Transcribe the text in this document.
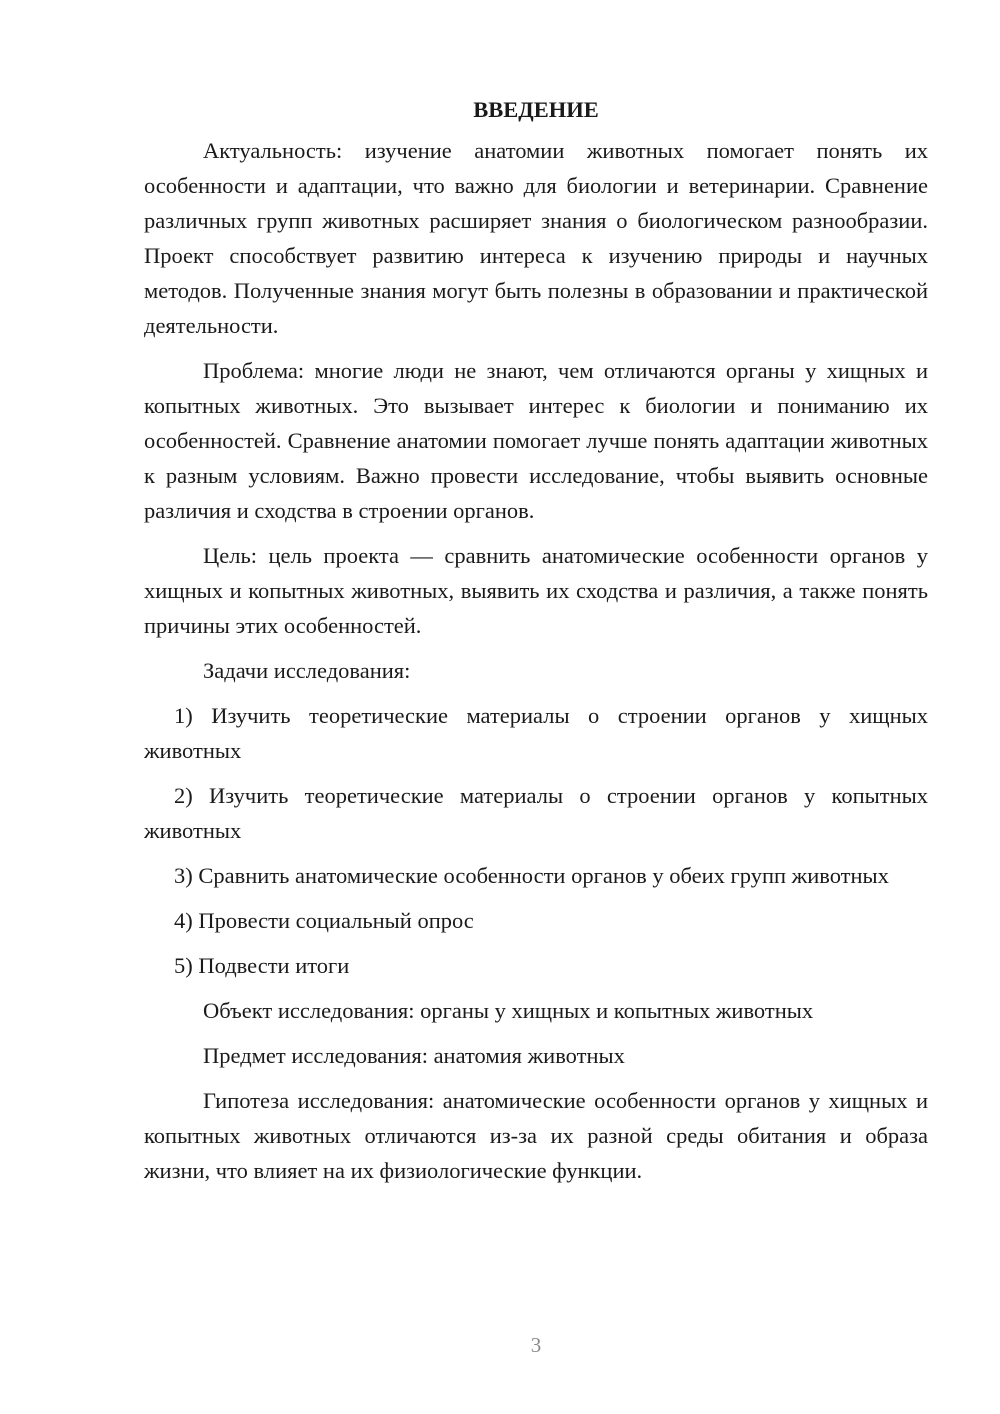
ВВЕДЕНИЕ

Актуальность: изучение анатомии животных помогает понять их особенности и адаптации, что важно для биологии и ветеринарии. Сравнение различных групп животных расширяет знания о биологическом разнообразии. Проект способствует развитию интереса к изучению природы и научных методов. Полученные знания могут быть полезны в образовании и практической деятельности.

Проблема: многие люди не знают, чем отличаются органы у хищных и копытных животных. Это вызывает интерес к биологии и пониманию их особенностей. Сравнение анатомии помогает лучше понять адаптации животных к разным условиям. Важно провести исследование, чтобы выявить основные различия и сходства в строении органов.

Цель: цель проекта — сравнить анатомические особенности органов у хищных и копытных животных, выявить их сходства и различия, а также понять причины этих особенностей.

Задачи исследования:

1) Изучить теоретические материалы о строении органов у хищных животных

2) Изучить теоретические материалы о строении органов у копытных животных

3) Сравнить анатомические особенности органов у обеих групп животных

4) Провести социальный опрос

5) Подвести итоги

Объект исследования: органы у хищных и копытных животных

Предмет исследования: анатомия животных

Гипотеза исследования: анатомические особенности органов у хищных и копытных животных отличаются из-за их разной среды обитания и образа жизни, что влияет на их физиологические функции.

3
